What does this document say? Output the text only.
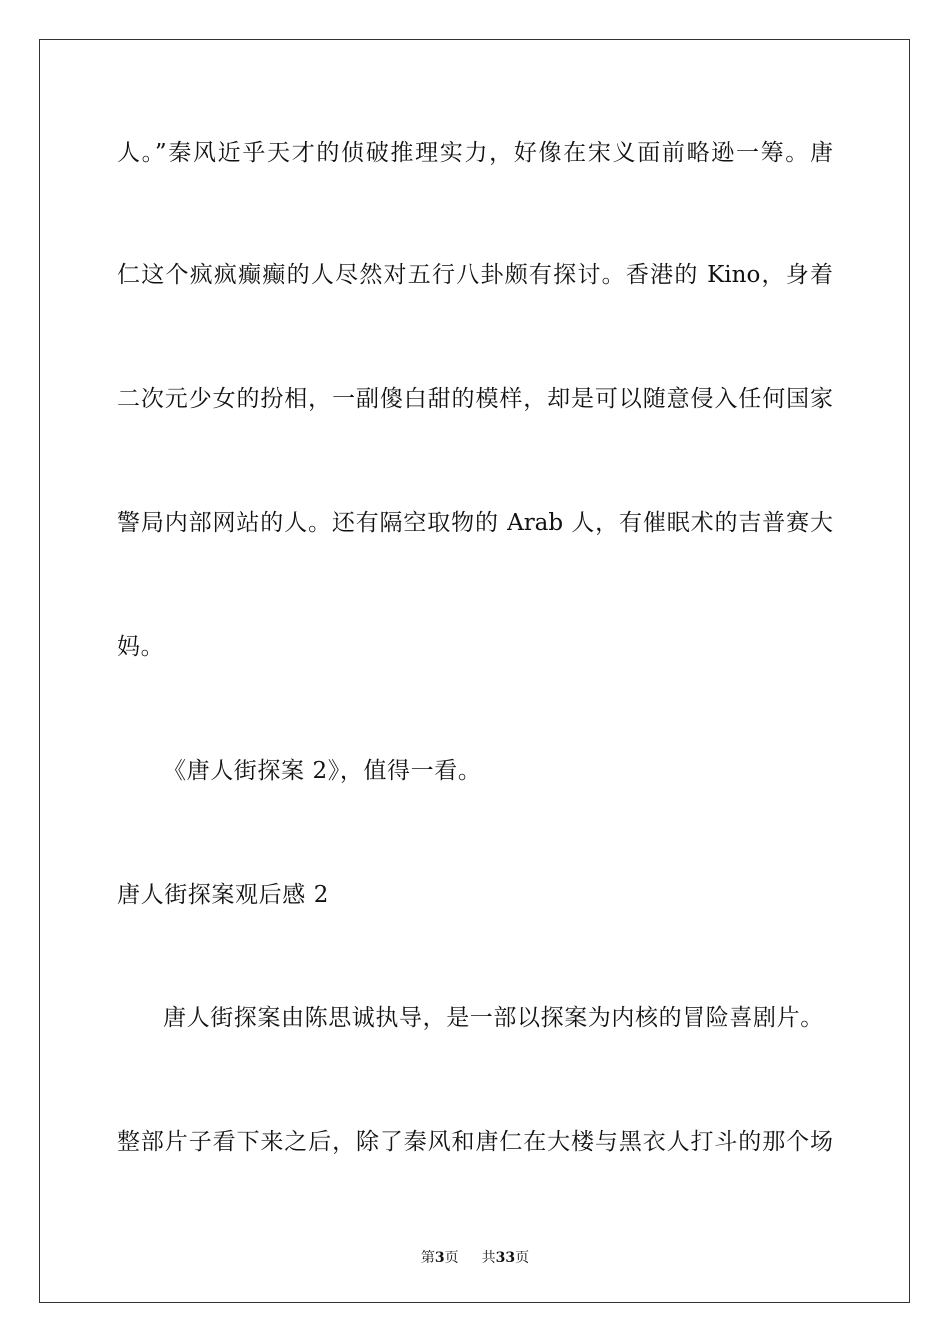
人。”秦风近乎天才的侦破推理实力，好像在宋义面前略逊一筹。唐
仁这个疯疯癫癫的人尽然对五行八卦颇有探讨。香港的 Kino，身着
二次元少女的扮相，一副傻白甜的模样，却是可以随意侵入任何国家
警局内部网站的人。还有隔空取物的 Arab 人，有催眠术的吉普赛大
妈。
《唐人街探案 2》，值得一看。
唐人街探案观后感 2
唐人街探案由陈思诚执导，是一部以探案为内核的冒险喜剧片。
整部片子看下来之后，除了秦风和唐仁在大楼与黑衣人打斗的那个场
第3页 共33页
